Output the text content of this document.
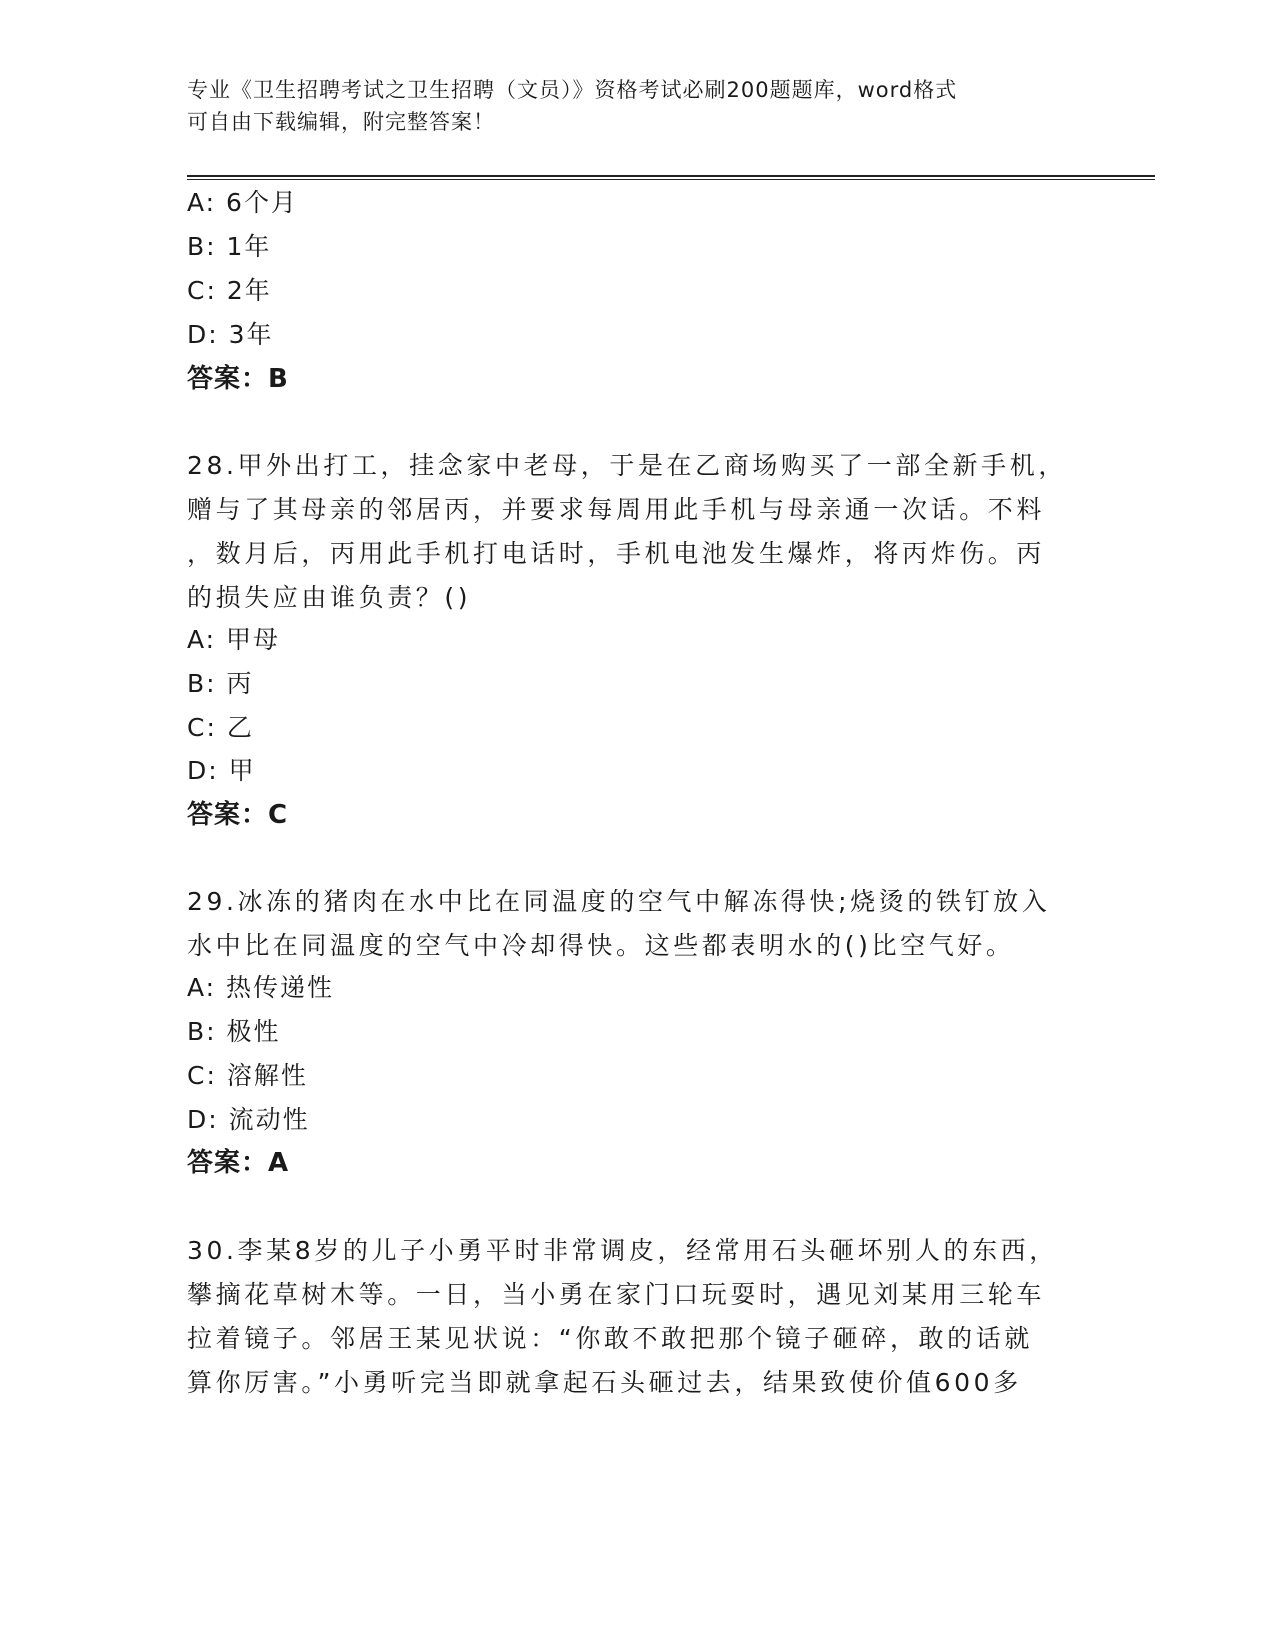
专业《卫生招聘考试之卫生招聘（文员）》资格考试必刷200题题库，word格式
可自由下载编辑，附完整答案！
A: 6个月
B: 1年
C: 2年
D: 3年
答案：B
28.甲外出打工，挂念家中老母，于是在乙商场购买了一部全新手机，
赠与了其母亲的邻居丙，并要求每周用此手机与母亲通一次话。不料
，数月后，丙用此手机打电话时，手机电池发生爆炸，将丙炸伤。丙
的损失应由谁负责？()
A: 甲母
B: 丙
C: 乙
D: 甲
答案：C
29.冰冻的猪肉在水中比在同温度的空气中解冻得快;烧烫的铁钉放入
水中比在同温度的空气中冷却得快。这些都表明水的()比空气好。
A: 热传递性
B: 极性
C: 溶解性
D: 流动性
答案：A
30.李某8岁的儿子小勇平时非常调皮，经常用石头砸坏别人的东西，
攀摘花草树木等。一日，当小勇在家门口玩耍时，遇见刘某用三轮车
拉着镜子。邻居王某见状说：“你敢不敢把那个镜子砸碎，敢的话就
算你厉害。”小勇听完当即就拿起石头砸过去，结果致使价值600多
